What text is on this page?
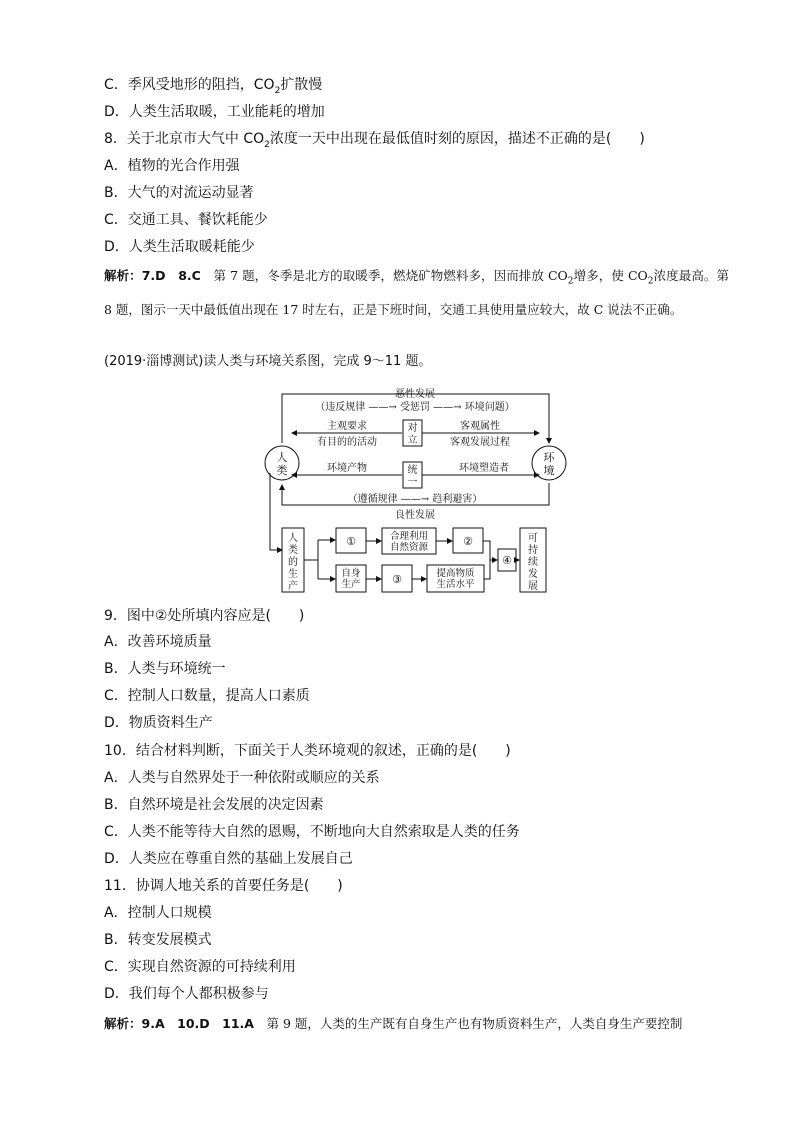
C．季风受地形的阻挡，$CO_2$扩散慢
D．人类生活取暖，工业能耗的增加
8．关于北京市大气中 $CO_2$浓度一天中出现在最低值时刻的原因，描述不正确的是(　　)
A．植物的光合作用强
B．大气的对流运动显著
C．交通工具、餐饮耗能少
D．人类生活取暖耗能少
解析：7.D　8.C　第 7 题，冬季是北方的取暖季，燃烧矿物燃料多，因而排放 $CO_2$增多，使 $CO_2$浓度最高。第 8 题，图示一天中最低值出现在 17 时左右，正是下班时间，交通工具使用量应较大，故 C 说法不正确。
(2019·淄博测试)读人类与环境关系图，完成 9～11 题。
恶性发展
（违反规律 ——→ 受惩罚 ——→ 环境问题）
主观要求
有目的的活动
客观属性
客观发展过程
对
立
统
一
环境产物	环境塑造者
（遵循规律 ——→ 趋利避害）
良性发展
人
类
环
境
人
类
的
生
产
可
持
续
发
展
①	合理利用
自然资源	②
自身
生产	③	提高物质
生活水平
④
9．图中②处所填内容应是(　　)
A．改善环境质量
B．人类与环境统一
C．控制人口数量，提高人口素质
D．物质资料生产
10．结合材料判断，下面关于人类环境观的叙述，正确的是(　　)
A．人类与自然界处于一种依附或顺应的关系
B．自然环境是社会发展的决定因素
C．人类不能等待大自然的恩赐，不断地向大自然索取是人类的任务
D．人类应在尊重自然的基础上发展自己
11．协调人地关系的首要任务是(　　)
A．控制人口规模
B．转变发展模式
C．实现自然资源的可持续利用
D．我们每个人都积极参与
解析：9.A　10.D　11.A　第 9 题，人类的生产既有自身生产也有物质资料生产，人类自身生产要控制
